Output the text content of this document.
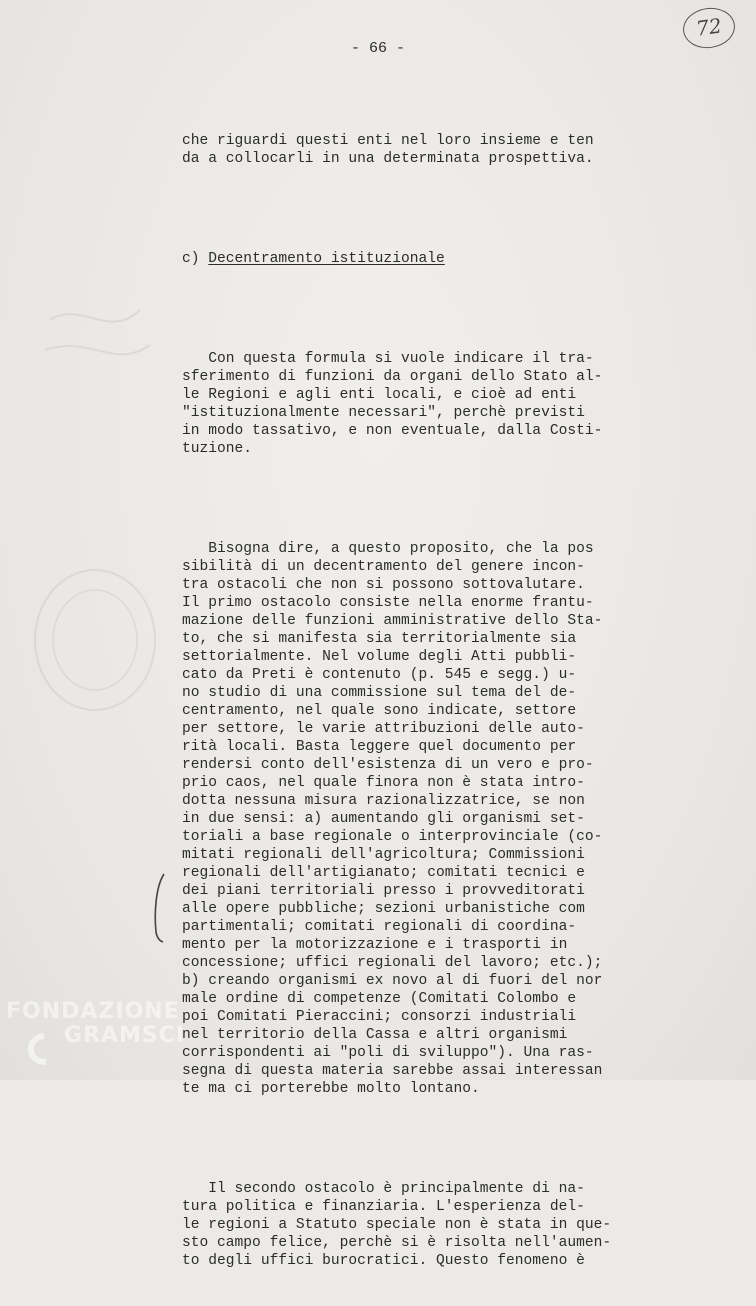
- 66 -
72

che riguardi questi enti nel loro insieme e ten
da a collocarli in una determinata prospettiva.

c) Decentramento istituzionale

Con questa formula si vuole indicare il tra-
sferimento di funzioni da organi dello Stato al-
le Regioni e agli enti locali, e cioè ad enti
"istituzionalmente necessari", perchè previsti
in modo tassativo, e non eventuale, dalla Costi-
tuzione.

Bisogna dire, a questo proposito, che la pos
sibilità di un decentramento del genere incon-
tra ostacoli che non si possono sottovalutare.
Il primo ostacolo consiste nella enorme frantu-
mazione delle funzioni amministrative dello Sta-
to, che si manifesta sia territorialmente sia
settorialmente. Nel volume degli Atti pubbli-
cato da Preti è contenuto (p. 545 e segg.) u-
no studio di una commissione sul tema del de-
centramento, nel quale sono indicate, settore
per settore, le varie attribuzioni delle auto-
rità locali. Basta leggere quel documento per
rendersi conto dell'esistenza di un vero e pro-
prio caos, nel quale finora non è stata intro-
dotta nessuna misura razionalizzatrice, se non
in due sensi: a) aumentando gli organismi set-
toriali a base regionale o interprovinciale (co-
mitati regionali dell'agricoltura; Commissioni
regionali dell'artigianato; comitati tecnici e
dei piani territoriali presso i provveditorati
alle opere pubbliche; sezioni urbanistiche com
partimentali; comitati regionali di coordina-
mento per la motorizzazione e i trasporti in
concessione; uffici regionali del lavoro; etc.);
b) creando organismi ex novo al di fuori del nor
male ordine di competenze (Comitati Colombo e
poi Comitati Pieraccini; consorzi industriali
nel territorio della Cassa e altri organismi
corrispondenti ai "poli di sviluppo"). Una ras-
segna di questa materia sarebbe assai interessan
te ma ci porterebbe molto lontano.

Il secondo ostacolo è principalmente di na-
tura politica e finanziaria. L'esperienza del-
le regioni a Statuto speciale non è stata in que-
sto campo felice, perchè si è risolta nell'aumen-
to degli uffici burocratici. Questo fenomeno è

FONDAZIONE
GRAMSCI
